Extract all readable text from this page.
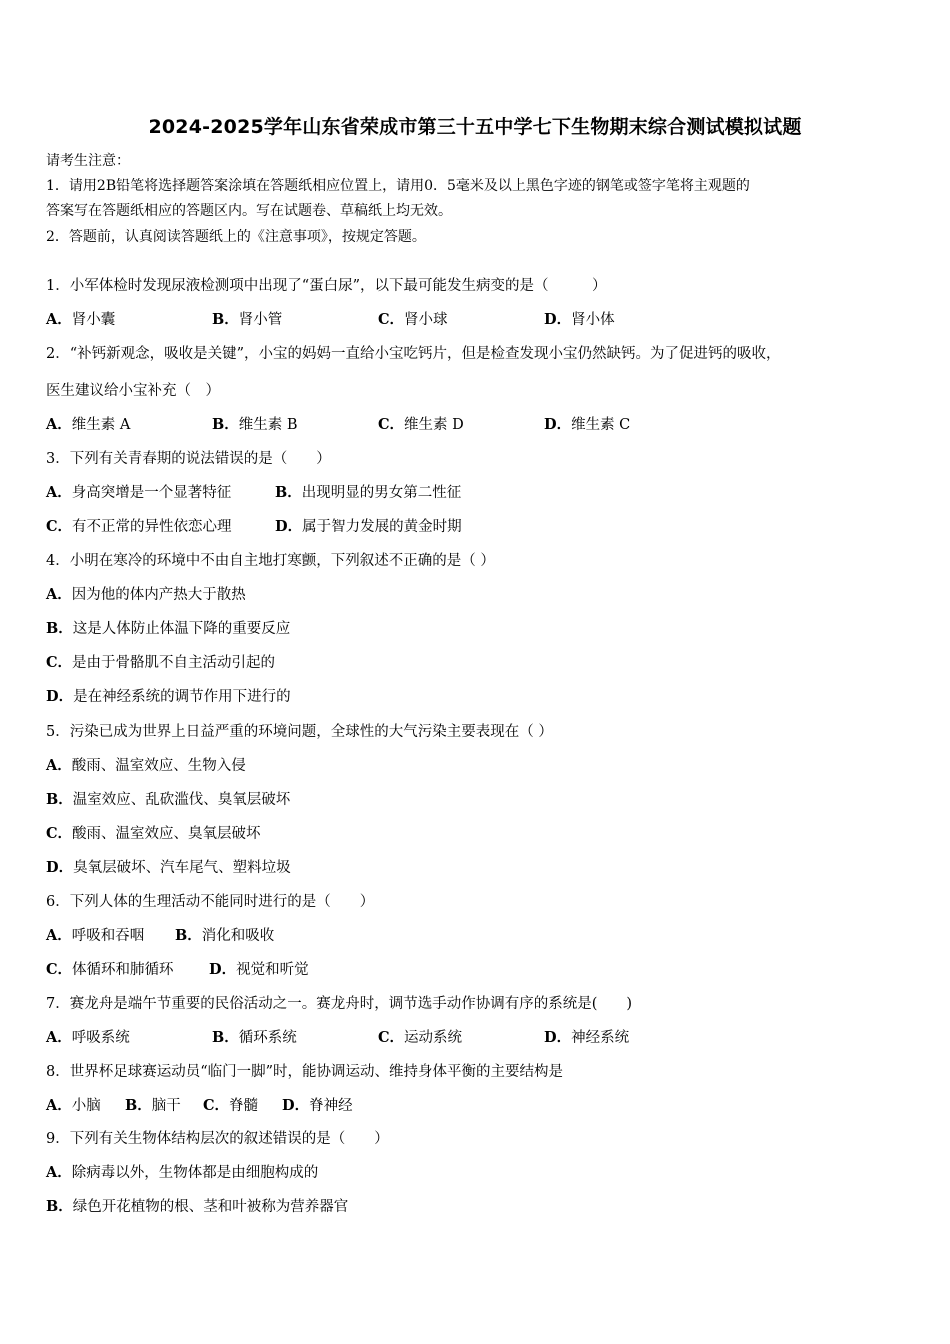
2024-2025学年山东省荣成市第三十五中学七下生物期末综合测试模拟试题
请考生注意：
1．请用2B铅笔将选择题答案涂填在答题纸相应位置上，请用0．5毫米及以上黑色字迹的钢笔或签字笔将主观题的
答案写在答题纸相应的答题区内。写在试题卷、草稿纸上均无效。
2．答题前，认真阅读答题纸上的《注意事项》，按规定答题。
1．小军体检时发现尿液检测项中出现了“蛋白尿”，以下最可能发生病变的是（　　　）
A．肾小囊	B．肾小管	C．肾小球	D．肾小体
2．“补钙新观念，吸收是关键”，小宝的妈妈一直给小宝吃钙片，但是检查发现小宝仍然缺钙。为了促进钙的吸收，
医生建议给小宝补充（　）
A．维生素 A	B．维生素 B	C．维生素 D	D．维生素 C
3．下列有关青春期的说法错误的是（　　）
A．身高突增是一个显著特征	B．出现明显的男女第二性征
C．有不正常的异性依恋心理	D．属于智力发展的黄金时期
4．小明在寒冷的环境中不由自主地打寒颤，下列叙述不正确的是（ ）
A．因为他的体内产热大于散热
B．这是人体防止体温下降的重要反应
C．是由于骨骼肌不自主活动引起的
D．是在神经系统的调节作用下进行的
5．污染已成为世界上日益严重的环境问题，全球性的大气污染主要表现在（ ）
A．酸雨、温室效应、生物入侵
B．温室效应、乱砍滥伐、臭氧层破坏
C．酸雨、温室效应、臭氧层破坏
D．臭氧层破坏、汽车尾气、塑料垃圾
6．下列人体的生理活动不能同时进行的是（　　）
A．呼吸和吞咽 B．消化和吸收
C．体循环和肺循环 D．视觉和听觉
7．赛龙舟是端午节重要的民俗活动之一。赛龙舟时，调节选手动作协调有序的系统是(　　)
A．呼吸系统	B．循环系统	C．运动系统	D．神经系统
8．世界杯足球赛运动员“临门一脚”时，能协调运动、维持身体平衡的主要结构是
A．小脑 B．脑干 C．脊髓 D．脊神经
9．下列有关生物体结构层次的叙述错误的是（　　）
A．除病毒以外，生物体都是由细胞构成的
B．绿色开花植物的根、茎和叶被称为营养器官
